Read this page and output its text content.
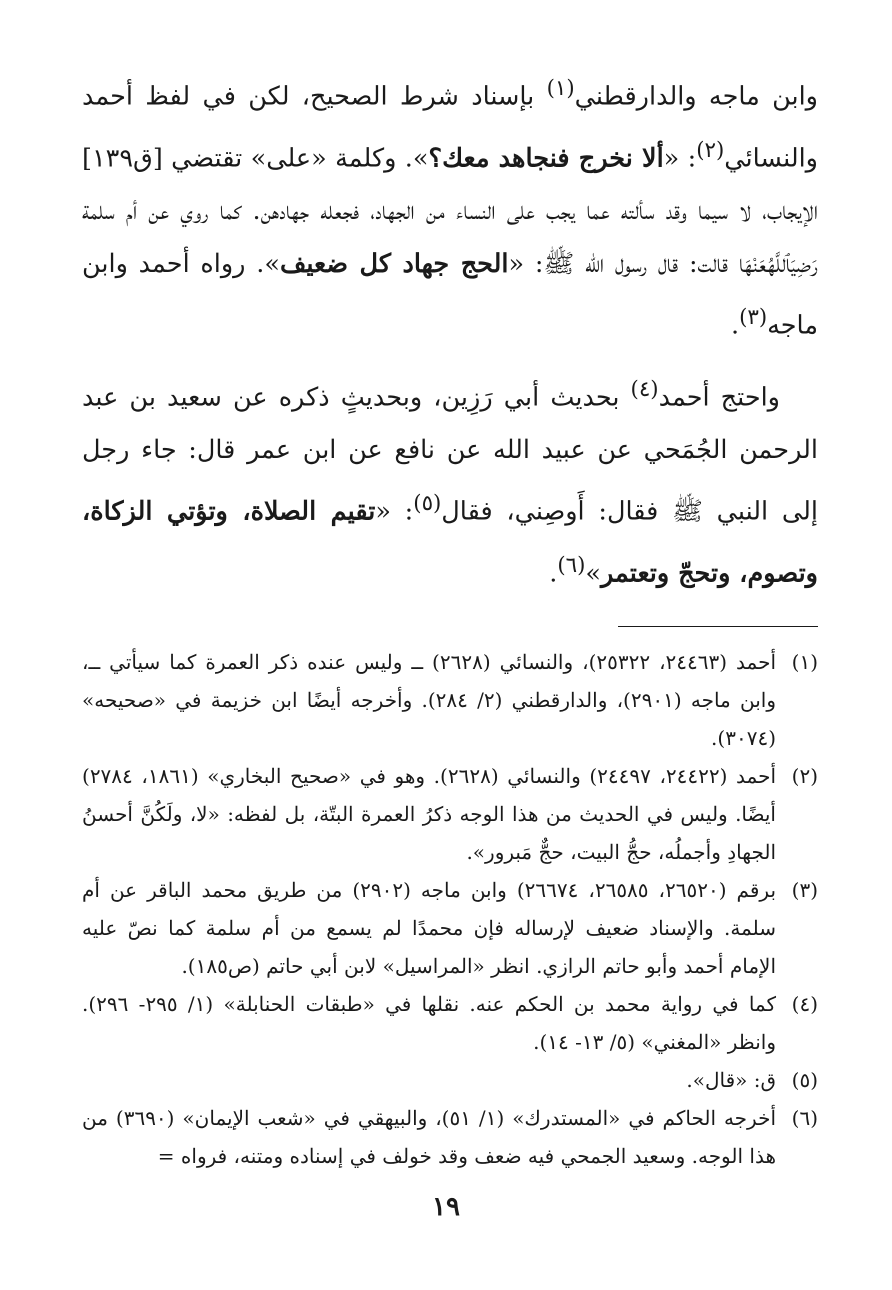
وابن ماجه والدارقطني$^{(١)}$ بإسناد شرط الصحيح، لكن في لفظ أحمد والنسائي$^{(٢)}$: «ألا نخرج فنجاهد معك؟». وكلمة «على» تقتضي [ق١٣٩] الإيجاب، لا سيما وقد سألته عما يجب على النساء من الجهاد، فجعله جهادهن. كما روي عن أم سلمة رَضِيَٱللَّهُعَنْهَا قالت: قال رسول الله ﷺ: «الحج جهاد كل ضعيف». رواه أحمد وابن ماجه$^{(٣)}$.

واحتج أحمد$^{(٤)}$ بحديث أبي رَزِين، وبحديثٍ ذكره عن سعيد بن عبد الرحمن الجُمَحي عن عبيد الله عن نافع عن ابن عمر قال: جاء رجل إلى النبي ﷺ فقال: أَوصِني، فقال$^{(٥)}$: «تقيم الصلاة، وتؤتي الزكاة، وتصوم، وتحجّ وتعتمر»$^{(٦)}$.

(١)
أحمد (٢٤٤٦٣، ٢٥٣٢٢)، والنسائي (٢٦٢٨) ــ وليس عنده ذكر العمرة كما سيأتي ــ، وابن ماجه (٢٩٠١)، والدارقطني (٢/ ٢٨٤). وأخرجه أيضًا ابن خزيمة في «صحيحه» (٣٠٧٤).
(٢)
أحمد (٢٤٤٢٢، ٢٤٤٩٧) والنسائي (٢٦٢٨). وهو في «صحيح البخاري» (١٨٦١، ٢٧٨٤) أيضًا. وليس في الحديث من هذا الوجه ذكرُ العمرة البتّة، بل لفظه: «لا، ولَكُنَّ أحسنُ الجهادِ وأجملُه، حجُّ البيت، حجٌّ مَبرور».
(٣)
برقم (٢٦٥٢٠، ٢٦٥٨٥، ٢٦٦٧٤) وابن ماجه (٢٩٠٢) من طريق محمد الباقر عن أم سلمة. والإسناد ضعيف لإرساله فإن محمدًا لم يسمع من أم سلمة كما نصّ عليه الإمام أحمد وأبو حاتم الرازي. انظر «المراسيل» لابن أبي حاتم (ص١٨٥).
(٤)
كما في رواية محمد بن الحكم عنه. نقلها في «طبقات الحنابلة» (١/ ٢٩٥- ٢٩٦). وانظر «المغني» (٥/ ١٣- ١٤).
(٥)
ق: «قال».
(٦)
أخرجه الحاكم في «المستدرك» (١/ ٥١)، والبيهقي في «شعب الإيمان» (٣٦٩٠) من هذا الوجه. وسعيد الجمحي فيه ضعف وقد خولف في إسناده ومتنه، فرواه =
١٩
